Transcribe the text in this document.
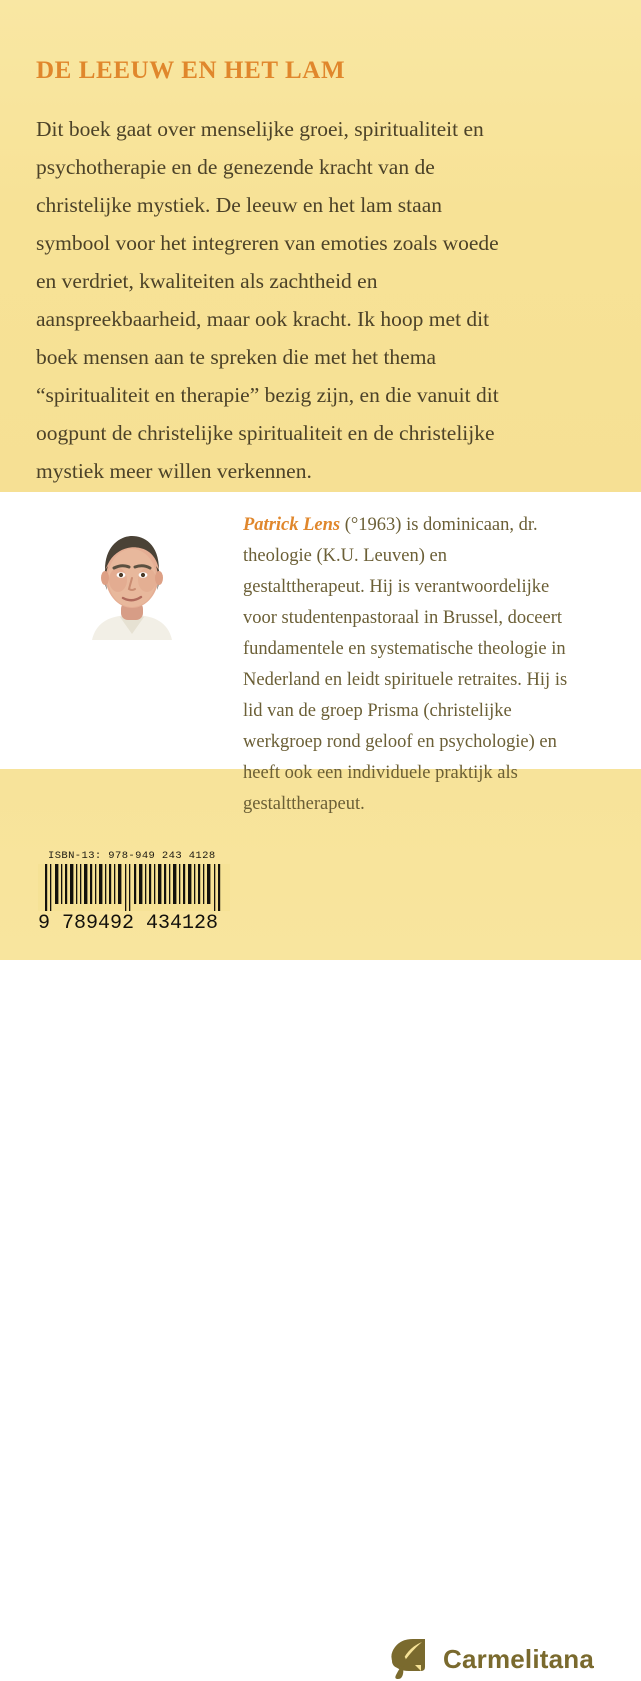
DE LEEUW EN HET LAM
Dit boek gaat over menselijke groei, spiritualiteit en psychotherapie en de genezende kracht van de christelijke mystiek. De leeuw en het lam staan symbool voor het integreren van emoties zoals woede en verdriet, kwaliteiten als zachtheid en aanspreekbaarheid, maar ook kracht. Ik hoop met dit boek mensen aan te spreken die met het thema “spiritualiteit en therapie” bezig zijn, en die vanuit dit oogpunt de christelijke spiritualiteit en de christelijke mystiek meer willen verkennen.
Patrick Lens (°1963) is dominicaan, dr. theologie (K.U. Leuven) en gestalttherapeut. Hij is verantwoordelijke voor studentenpastoraal in Brussel, doceert fundamentele en systematische theologie in Nederland en leidt spirituele retraites. Hij is lid van de groep Prisma (christelijke werkgroep rond geloof en psychologie) en heeft ook een individuele praktijk als gestalttherapeut.
ISBN-13: 978-949 243 4128
9 789492 434128
Carmelitana
